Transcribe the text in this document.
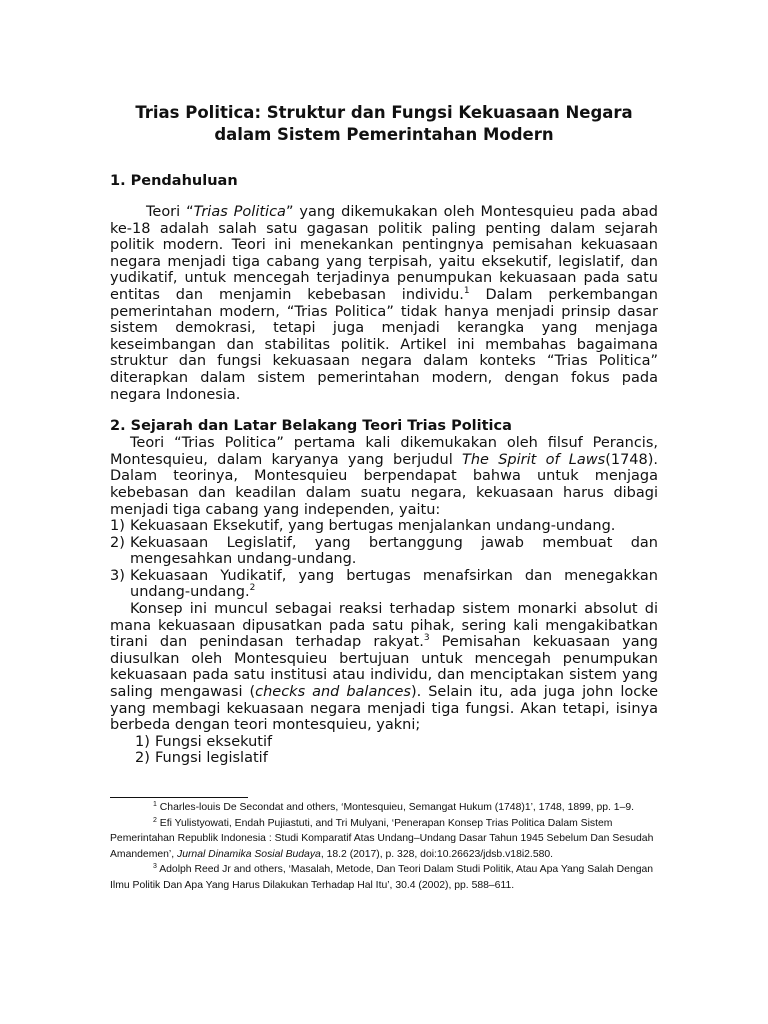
Trias Politica: Struktur dan Fungsi Kekuasaan Negara dalam Sistem Pemerintahan Modern
1. Pendahuluan

Teori “Trias Politica” yang dikemukakan oleh Montesquieu pada abad ke-18 adalah salah satu gagasan politik paling penting dalam sejarah politik modern. Teori ini menekankan pentingnya pemisahan kekuasaan negara menjadi tiga cabang yang terpisah, yaitu eksekutif, legislatif, dan yudikatif, untuk mencegah terjadinya penumpukan kekuasaan pada satu entitas dan menjamin kebebasan individu.$^1$ Dalam perkembangan pemerintahan modern, “Trias Politica” tidak hanya menjadi prinsip dasar sistem demokrasi, tetapi juga menjadi kerangka yang menjaga keseimbangan dan stabilitas politik. Artikel ini membahas bagaimana struktur dan fungsi kekuasaan negara dalam konteks “Trias Politica” diterapkan dalam sistem pemerintahan modern, dengan fokus pada negara Indonesia.

2. Sejarah dan Latar Belakang Teori Trias Politica

Teori “Trias Politica” pertama kali dikemukakan oleh filsuf Perancis, Montesquieu, dalam karyanya yang berjudul The Spirit of Laws(1748). Dalam teorinya, Montesquieu berpendapat bahwa untuk menjaga kebebasan dan keadilan dalam suatu negara, kekuasaan harus dibagi menjadi tiga cabang yang independen, yaitu:

1) Kekuasaan Eksekutif, yang bertugas menjalankan undang-undang.
2) Kekuasaan Legislatif, yang bertanggung jawab membuat dan mengesahkan undang-undang.
3) Kekuasaan Yudikatif, yang bertugas menafsirkan dan menegakkan undang-undang.$^2$

Konsep ini muncul sebagai reaksi terhadap sistem monarki absolut di mana kekuasaan dipusatkan pada satu pihak, sering kali mengakibatkan tirani dan penindasan terhadap rakyat.$^3$ Pemisahan kekuasaan yang diusulkan oleh Montesquieu bertujuan untuk mencegah penumpukan kekuasaan pada satu institusi atau individu, dan menciptakan sistem yang saling mengawasi (checks and balances). Selain itu, ada juga john locke yang membagi kekuasaan negara menjadi tiga fungsi. Akan tetapi, isinya berbeda dengan teori montesquieu, yakni;

1) Fungsi eksekutif
2) Fungsi legislatif

$^1$ Charles-louis De Secondat and others, ‘Montesquieu, Semangat Hukum (1748)1’, 1748, 1899, pp. 1–9.

$^2$ Efi Yulistyowati, Endah Pujiastuti, and Tri Mulyani, ‘Penerapan Konsep Trias Politica Dalam Sistem Pemerintahan Republik Indonesia : Studi Komparatif Atas Undang–Undang Dasar Tahun 1945 Sebelum Dan Sesudah Amandemen’, Jurnal Dinamika Sosial Budaya, 18.2 (2017), p. 328, doi:10.26623/jdsb.v18i2.580.

$^3$ Adolph Reed Jr and others, ‘Masalah, Metode, Dan Teori Dalam Studi Politik, Atau Apa Yang Salah Dengan Ilmu Politik Dan Apa Yang Harus Dilakukan Terhadap Hal Itu’, 30.4 (2002), pp. 588–611.
